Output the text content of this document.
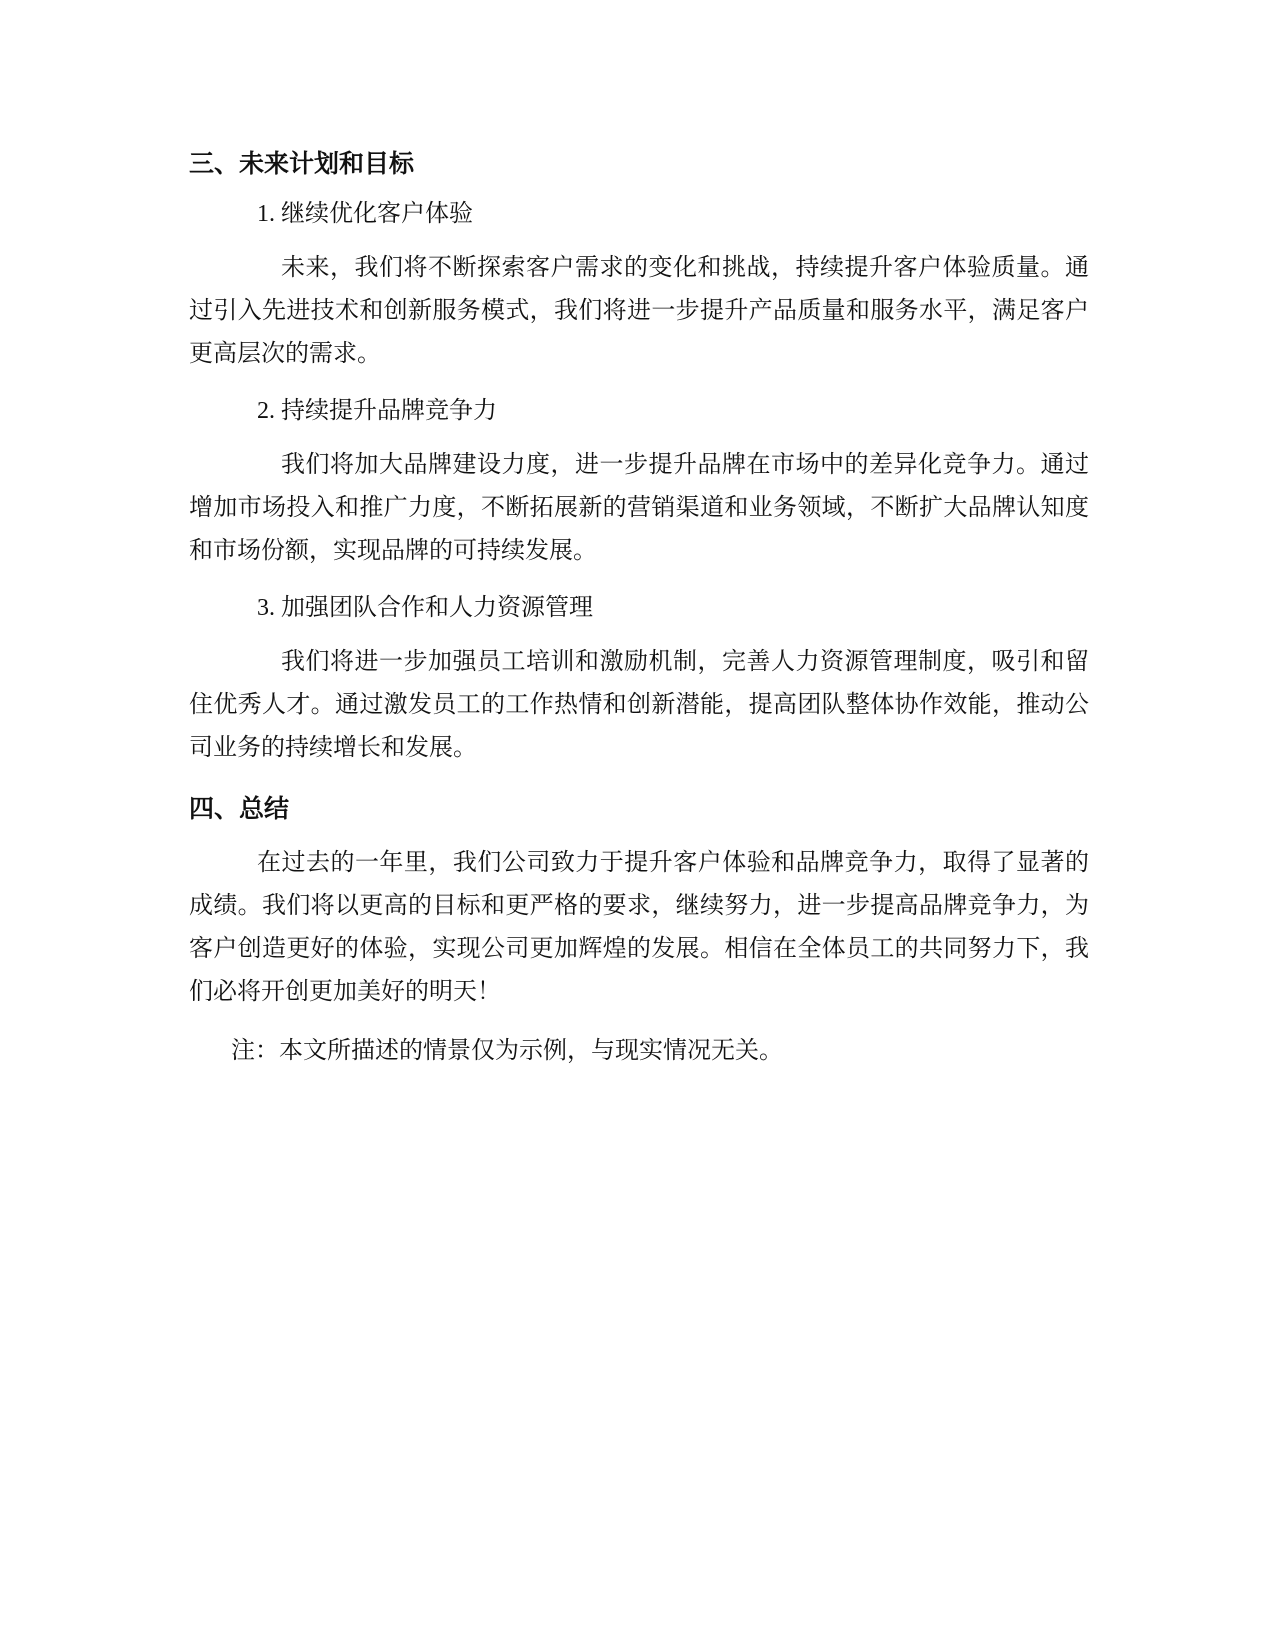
三、未来计划和目标

1. 继续优化客户体验

未来，我们将不断探索客户需求的变化和挑战，持续提升客户体验质量。通过引入先进技术和创新服务模式，我们将进一步提升产品质量和服务水平，满足客户更高层次的需求。

2. 持续提升品牌竞争力

我们将加大品牌建设力度，进一步提升品牌在市场中的差异化竞争力。通过增加市场投入和推广力度，不断拓展新的营销渠道和业务领域，不断扩大品牌认知度和市场份额，实现品牌的可持续发展。

3. 加强团队合作和人力资源管理

我们将进一步加强员工培训和激励机制，完善人力资源管理制度，吸引和留住优秀人才。通过激发员工的工作热情和创新潜能，提高团队整体协作效能，推动公司业务的持续增长和发展。

四、总结

在过去的一年里，我们公司致力于提升客户体验和品牌竞争力，取得了显著的成绩。我们将以更高的目标和更严格的要求，继续努力，进一步提高品牌竞争力，为客户创造更好的体验，实现公司更加辉煌的发展。相信在全体员工的共同努力下，我们必将开创更加美好的明天！

注：本文所描述的情景仅为示例，与现实情况无关。
